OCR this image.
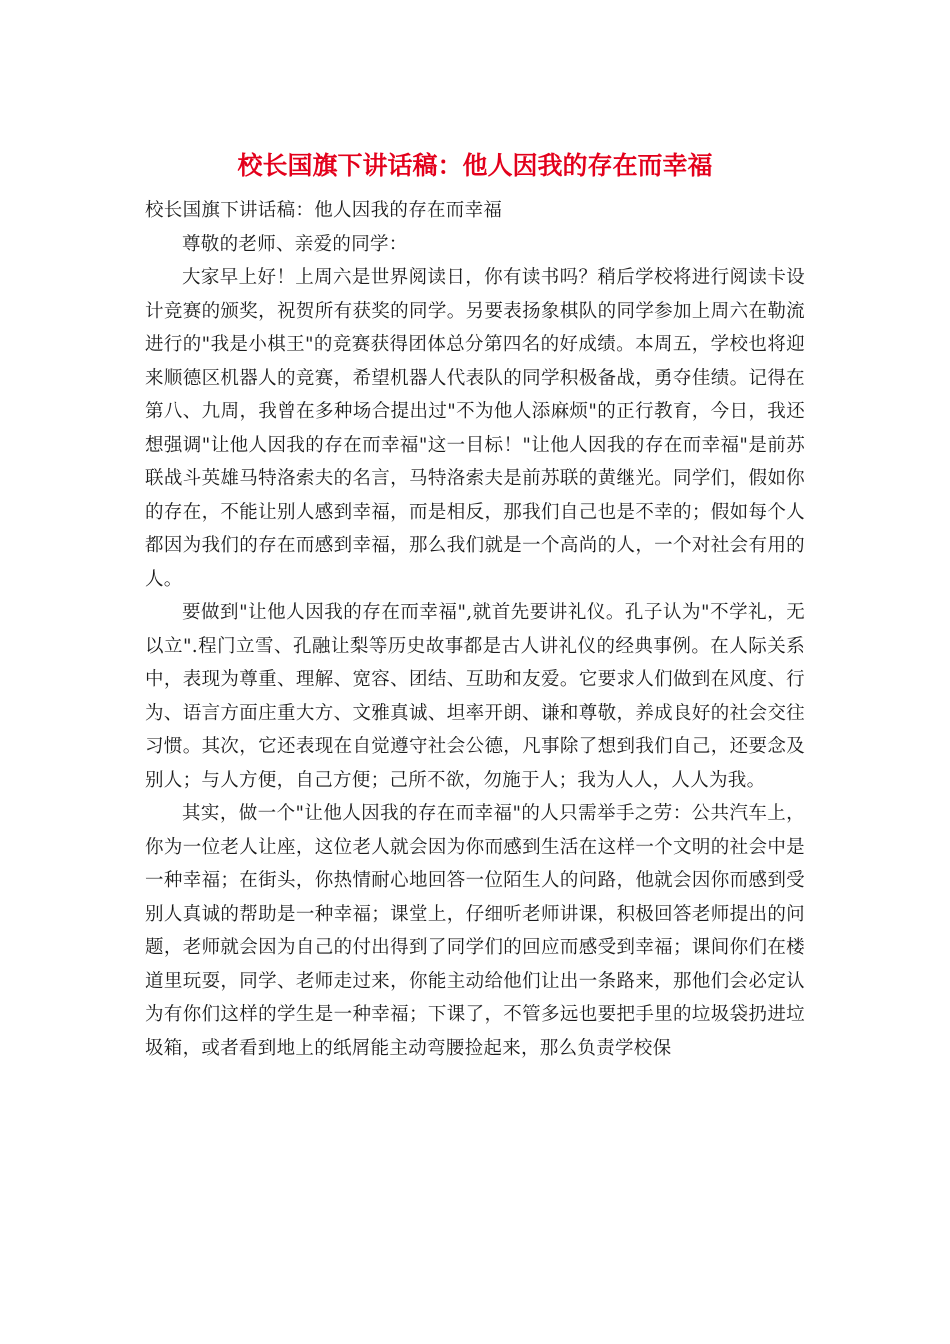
校长国旗下讲话稿：他人因我的存在而幸福

校长国旗下讲话稿：他人因我的存在而幸福

尊敬的老师、亲爱的同学：

大家早上好！上周六是世界阅读日，你有读书吗？稍后学校将进行阅读卡设计竞赛的颁奖，祝贺所有获奖的同学。另要表扬象棋队的同学参加上周六在勒流进行的"我是小棋王"的竞赛获得团体总分第四名的好成绩。本周五，学校也将迎来顺德区机器人的竞赛，希望机器人代表队的同学积极备战，勇夺佳绩。记得在第八、九周，我曾在多种场合提出过"不为他人添麻烦"的正行教育，今日，我还想强调"让他人因我的存在而幸福"这一目标！"让他人因我的存在而幸福"是前苏联战斗英雄马特洛索夫的名言，马特洛索夫是前苏联的黄继光。同学们，假如你的存在，不能让别人感到幸福，而是相反，那我们自己也是不幸的；假如每个人都因为我们的存在而感到幸福，那么我们就是一个高尚的人，一个对社会有用的人。

要做到"让他人因我的存在而幸福",就首先要讲礼仪。孔子认为"不学礼，无以立".程门立雪、孔融让梨等历史故事都是古人讲礼仪的经典事例。在人际关系中，表现为尊重、理解、宽容、团结、互助和友爱。它要求人们做到在风度、行为、语言方面庄重大方、文雅真诚、坦率开朗、谦和尊敬，养成良好的社会交往习惯。其次，它还表现在自觉遵守社会公德，凡事除了想到我们自己，还要念及别人；与人方便，自己方便；己所不欲，勿施于人；我为人人，人人为我。

其实，做一个"让他人因我的存在而幸福"的人只需举手之劳：公共汽车上，你为一位老人让座，这位老人就会因为你而感到生活在这样一个文明的社会中是一种幸福；在街头，你热情耐心地回答一位陌生人的问路，他就会因你而感到受别人真诚的帮助是一种幸福；课堂上，仔细听老师讲课，积极回答老师提出的问题，老师就会因为自己的付出得到了同学们的回应而感受到幸福；课间你们在楼道里玩耍，同学、老师走过来，你能主动给他们让出一条路来，那他们会必定认为有你们这样的学生是一种幸福；下课了，不管多远也要把手里的垃圾袋扔进垃圾箱，或者看到地上的纸屑能主动弯腰捡起来，那么负责学校保
